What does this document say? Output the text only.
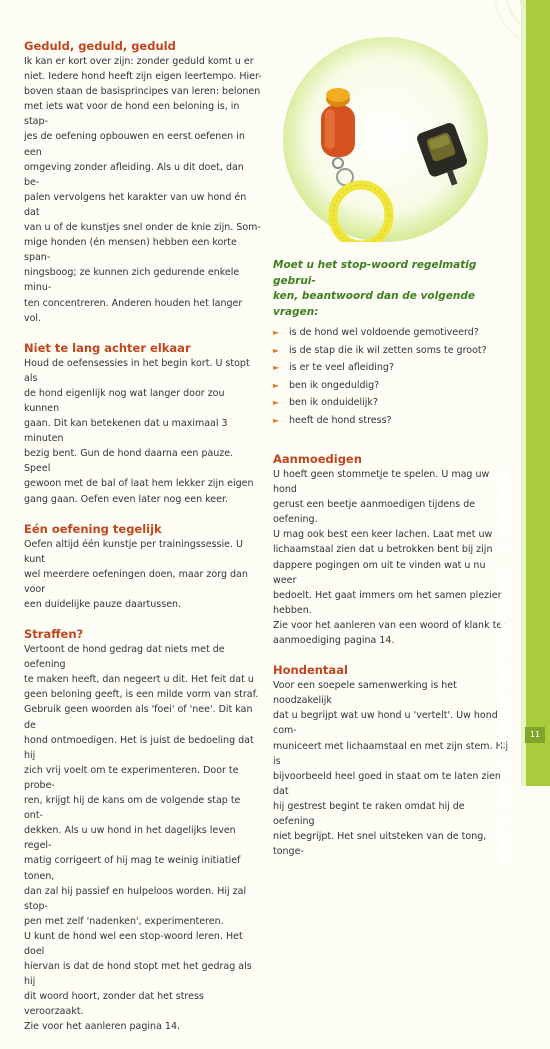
Geduld, geduld, geduld

Ik kan er kort over zijn: zonder geduld komt u er

niet. Iedere hond heeft zijn eigen leertempo. Hier-

boven staan de basisprincipes van leren: belonen

met iets wat voor de hond een beloning is, in stap-

jes de oefening opbouwen en eerst oefenen in een

omgeving zonder afleiding. Als u dit doet, dan be-

palen vervolgens het karakter van uw hond én dat

van u of de kunstjes snel onder de knie zijn. Som-

mige honden (én mensen) hebben een korte span-

ningsboog; ze kunnen zich gedurende enkele minu-

ten concentreren. Anderen houden het langer vol.

Niet te lang achter elkaar

Houd de oefensessies in het begin kort. U stopt als

de hond eigenlijk nog wat langer door zou kunnen

gaan. Dit kan betekenen dat u maximaal 3 minuten

bezig bent. Gun de hond daarna een pauze. Speel

gewoon met de bal of laat hem lekker zijn eigen

gang gaan. Oefen even later nog een keer.

Eén oefening tegelijk

Oefen altijd één kunstje per trainingssessie. U kunt

wel meerdere oefeningen doen, maar zorg dan voor

een duidelijke pauze daartussen.

Straffen?

Vertoont de hond gedrag dat niets met de oefening

te maken heeft, dan negeert u dit. Het feit dat u

geen beloning geeft, is een milde vorm van straf.

Gebruik geen woorden als 'foei' of 'nee'. Dit kan de

hond ontmoedigen. Het is juist de bedoeling dat hij

zich vrij voelt om te experimenteren. Door te probe-

ren, krijgt hij de kans om de volgende stap te ont-

dekken. Als u uw hond in het dagelijks leven regel-

matig corrigeert of hij mag te weinig initiatief tonen,

dan zal hij passief en hulpeloos worden. Hij zal stop-

pen met zelf 'nadenken', experimenteren.

U kunt de hond wel een stop-woord leren. Het doel

hiervan is dat de hond stopt met het gedrag als hij

dit woord hoort, zonder dat het stress veroorzaakt.

Zie voor het aanleren pagina 14.

Moet u het stop-woord regelmatig gebrui-
ken, beantwoord dan de volgende vragen:
► is de hond wel voldoende gemotiveerd?
► is de stap die ik wil zetten soms te groot?
► is er te veel afleiding?
► ben ik ongeduldig?
► ben ik onduidelijk?
► heeft de hond stress?
Aanmoedigen

U hoeft geen stommetje te spelen. U mag uw hond

gerust een beetje aanmoedigen tijdens de oefening.

U mag ook best een keer lachen. Laat met uw

lichaamstaal zien dat u betrokken bent bij zijn

dappere pogingen om uit te vinden wat u nu weer

bedoelt. Het gaat immers om het samen plezier

hebben.

Zie voor het aanleren van een woord of klank ter

aanmoediging pagina 14.

Hondentaal

Voor een soepele samenwerking is het noodzakelijk

dat u begrijpt wat uw hond u 'vertelt'. Uw hond com-

municeert met lichaamstaal en met zijn stem. Hij is

bijvoorbeeld heel goed in staat om te laten zien dat

hij gestrest begint te raken omdat hij de oefening

niet begrijpt. Het snel uitsteken van de tong, tonge-

Hoofdstuk 1 » Spelregels bij het aanleren van een kunstje	11
